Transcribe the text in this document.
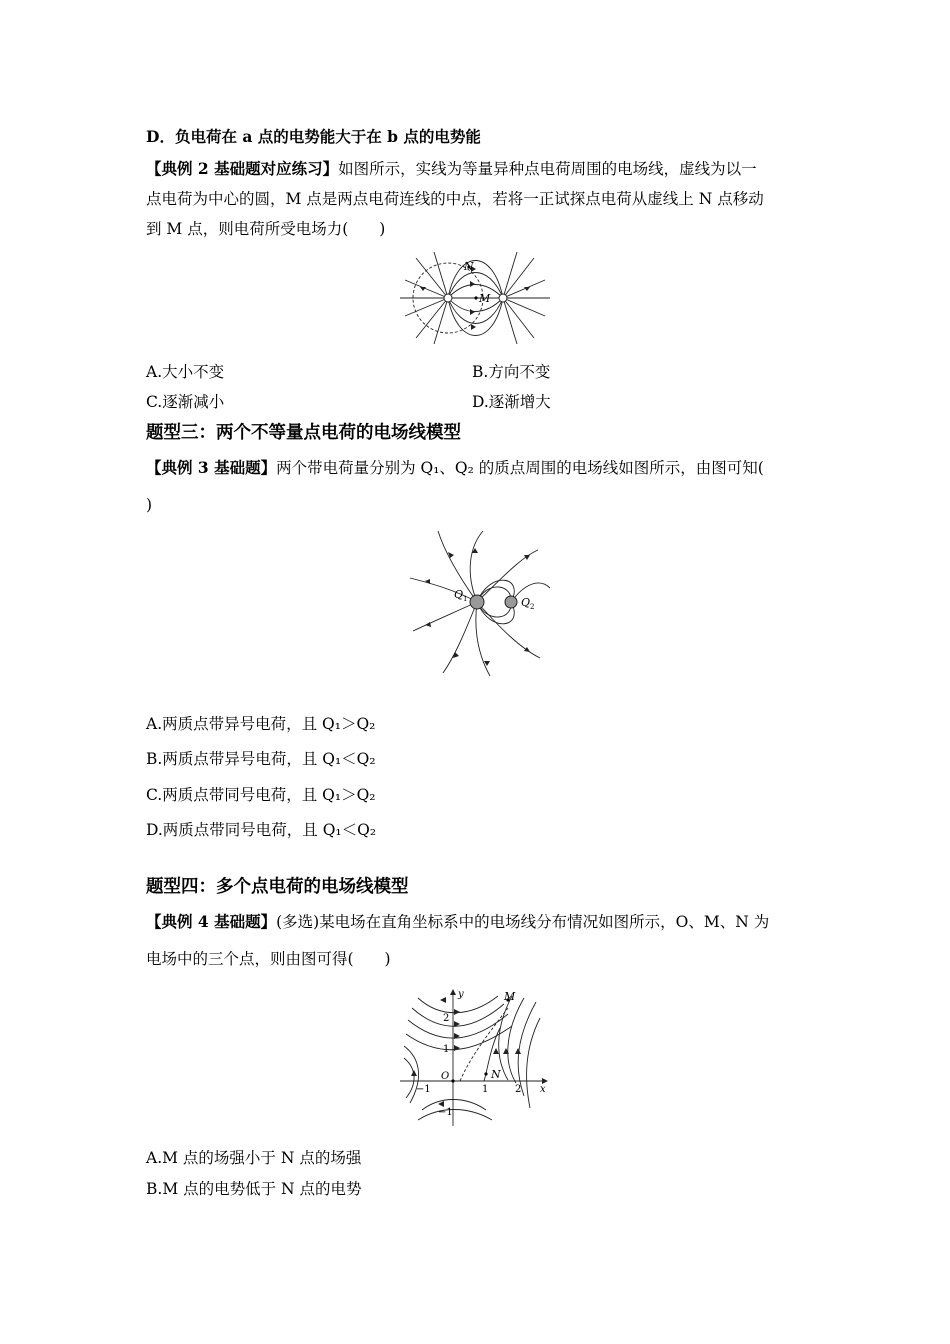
D．负电荷在 a 点的电势能大于在 b 点的电势能
【典例 2 基础题对应练习】如图所示，实线为等量异种点电荷周围的电场线，虚线为以一
点电荷为中心的圆，M 点是两点电荷连线的中点，若将一正试探点电荷从虚线上 N 点移动
到 M 点，则电荷所受电场力(　　)
N
M
A.大小不变	B.方向不变
C.逐渐减小	D.逐渐增大
题型三：两个不等量点电荷的电场线模型
【典例 3 基础题】两个带电荷量分别为 Q₁、Q₂ 的质点周围的电场线如图所示，由图可知(
)
Q 1	Q 2
A.两质点带异号电荷，且 Q₁＞Q₂
B.两质点带异号电荷，且 Q₁＜Q₂
C.两质点带同号电荷，且 Q₁＞Q₂
D.两质点带同号电荷，且 Q₁＜Q₂
题型四：多个点电荷的电场线模型
【典例 4 基础题】(多选)某电场在直角坐标系中的电场线分布情况如图所示，O、M、N 为
电场中的三个点，则由图可得(　　)
y
x
O
2
1
−1
−1	1	2
M
N
A.M 点的场强小于 N 点的场强
B.M 点的电势低于 N 点的电势
